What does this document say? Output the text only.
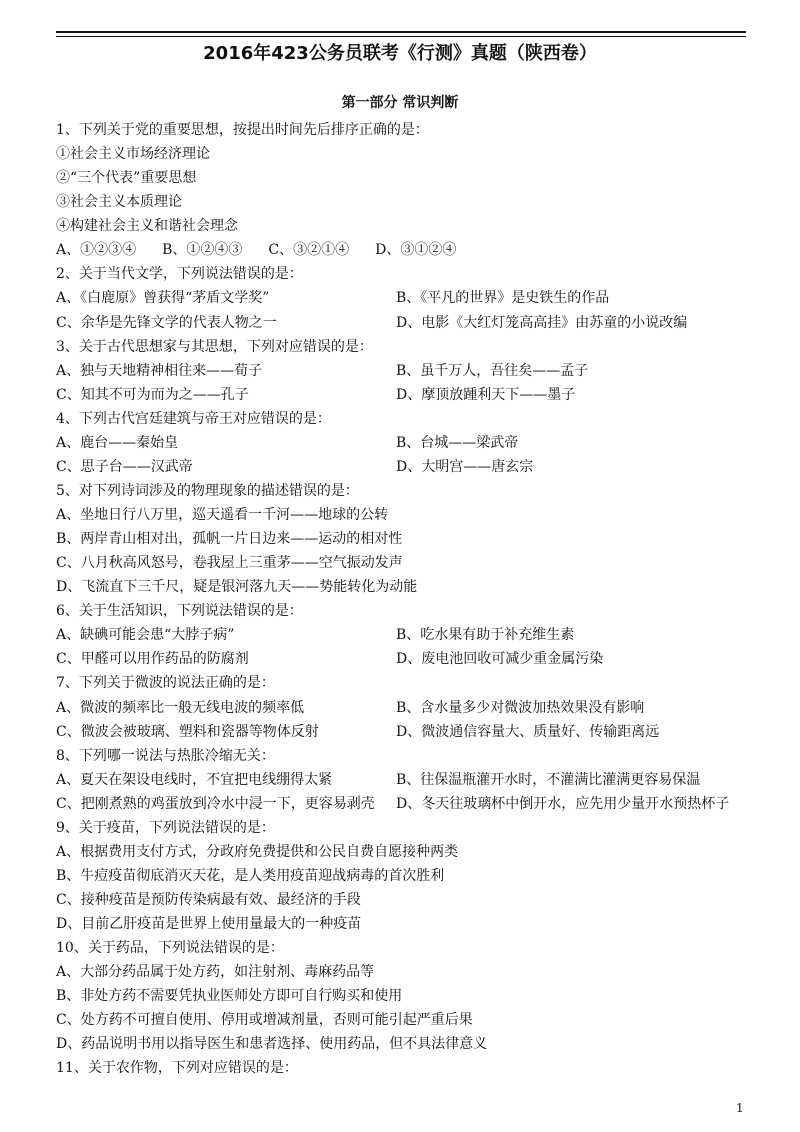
2016年423公务员联考《行测》真题（陕西卷）
第一部分 常识判断
1、下列关于党的重要思想，按提出时间先后排序正确的是：
①社会主义市场经济理论
②“三个代表”重要思想
③社会主义本质理论
④构建社会主义和谐社会理念
A、①②③④ B、①②④③ C、③②①④ D、③①②④
2、关于当代文学，下列说法错误的是：
A、《白鹿原》曾获得“茅盾文学奖”	B、《平凡的世界》是史铁生的作品
C、余华是先锋文学的代表人物之一	D、电影《大红灯笼高高挂》由苏童的小说改编
3、关于古代思想家与其思想，下列对应错误的是：
A、独与天地精神相往来——荀子	B、虽千万人，吾往矣——孟子
C、知其不可为而为之——孔子	D、摩顶放踵利天下——墨子
4、下列古代宫廷建筑与帝王对应错误的是：
A、鹿台——秦始皇	B、台城——梁武帝
C、思子台——汉武帝	D、大明宫——唐玄宗
5、对下列诗词涉及的物理现象的描述错误的是：
A、坐地日行八万里，巡天遥看一千河——地球的公转
B、两岸青山相对出，孤帆一片日边来——运动的相对性
C、八月秋高风怒号，卷我屋上三重茅——空气振动发声
D、飞流直下三千尺，疑是银河落九天——势能转化为动能
6、关于生活知识，下列说法错误的是：
A、缺碘可能会患“大脖子病”	B、吃水果有助于补充维生素
C、甲醛可以用作药品的防腐剂	D、废电池回收可减少重金属污染
7、下列关于微波的说法正确的是：
A、微波的频率比一般无线电波的频率低	B、含水量多少对微波加热效果没有影响
C、微波会被玻璃、塑料和瓷器等物体反射	D、微波通信容量大、质量好、传输距离远
8、下列哪一说法与热胀冷缩无关：
A、夏天在架设电线时，不宜把电线绷得太紧	B、往保温瓶灌开水时，不灌满比灌满更容易保温
C、把刚煮熟的鸡蛋放到冷水中浸一下，更容易剥壳 D、冬天往玻璃杯中倒开水，应先用少量开水预热杯子
9、关于疫苗，下列说法错误的是：
A、根据费用支付方式，分政府免费提供和公民自费自愿接种两类
B、牛痘疫苗彻底消灭天花，是人类用疫苗迎战病毒的首次胜利
C、接种疫苗是预防传染病最有效、最经济的手段
D、目前乙肝疫苗是世界上使用量最大的一种疫苗
10、关于药品，下列说法错误的是：
A、大部分药品属于处方药，如注射剂、毒麻药品等
B、非处方药不需要凭执业医师处方即可自行购买和使用
C、处方药不可擅自使用、停用或增减剂量，否则可能引起严重后果
D、药品说明书用以指导医生和患者选择、使用药品，但不具法律意义
11、关于农作物，下列对应错误的是：
1
